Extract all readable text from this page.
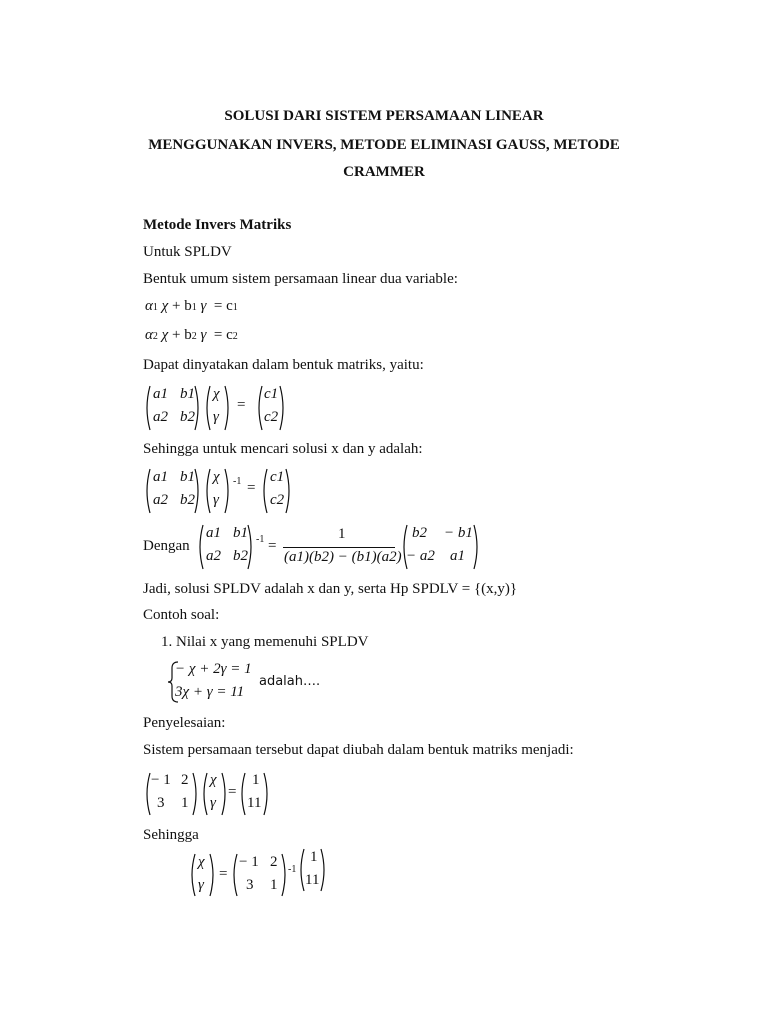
SOLUSI DARI SISTEM PERSAMAAN LINEAR
MENGGUNAKAN INVERS, METODE ELIMINASI GAUSS, METODE
CRAMMER
Metode Invers Matriks
Untuk SPLDV
Bentuk umum sistem persamaan linear dua variable:
α1 χ + b1 γ = c1
α2 χ + b2 γ = c2
Dapat dinyatakan dalam bentuk matriks, yaitu:
a1 b1
a2 b2
χ
γ
=
c1
c2
Sehingga untuk mencari solusi x dan y adalah:
a1 b1
a2 b2
χ
γ
-1 =
c1
c2
Dengan
a1 b1
a2 b2
-1 =
1
(a1)(b2) − (b1)(a2)
b2 − b1
− a2 a1
Jadi, solusi SPLDV adalah x dan y, serta Hp SPDLV = {(x,y)}
Contoh soal:
1. Nilai x yang memenuhi SPLDV
− χ + 2γ = 1
3χ + γ = 11
adalah….
Penyelesaian:
Sistem persamaan tersebut dapat diubah dalam bentuk matriks menjadi:
− 1 2
3 1
χ
γ
=
1
11
Sehingga
χ
γ
=
− 1 2
3 1
-1
1
11
